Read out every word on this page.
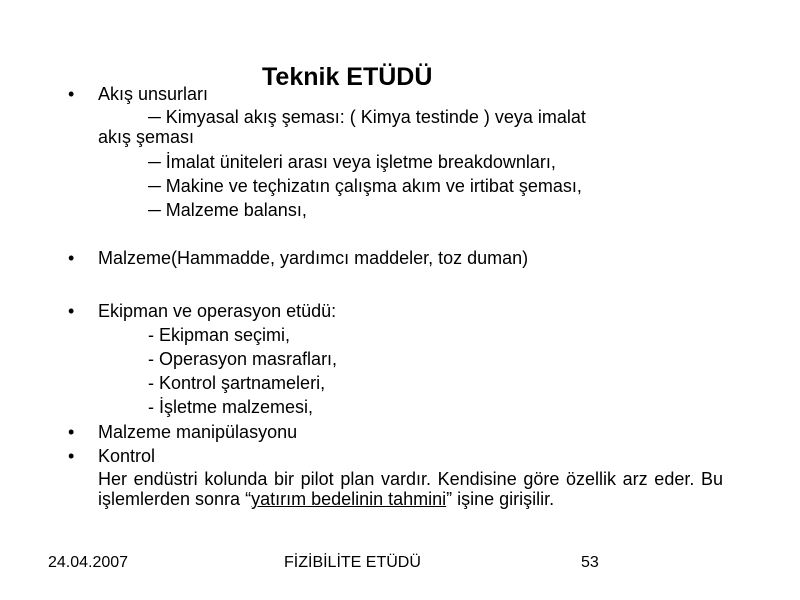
Teknik ETÜDÜ
• Akış unsurları
─ Kimyasal akış şeması: ( Kimya testinde ) veya imalat
akış şeması
─ İmalat üniteleri arası veya işletme breakdownları,
─ Makine ve teçhizatın çalışma akım ve irtibat şeması,
─ Malzeme balansı,
• Malzeme(Hammadde, yardımcı maddeler, toz duman)
• Ekipman ve operasyon etüdü:
- Ekipman seçimi,
- Operasyon masrafları,
- Kontrol şartnameleri,
- İşletme malzemesi,
• Malzeme manipülasyonu
• Kontrol
Her endüstri kolunda bir pilot plan vardır. Kendisine göre özellik arz eder. Bu işlemlerden sonra “yatırım bedelinin tahmini” işine girişilir.
24.04.2007	FİZİBİLİTE ETÜDÜ	53
